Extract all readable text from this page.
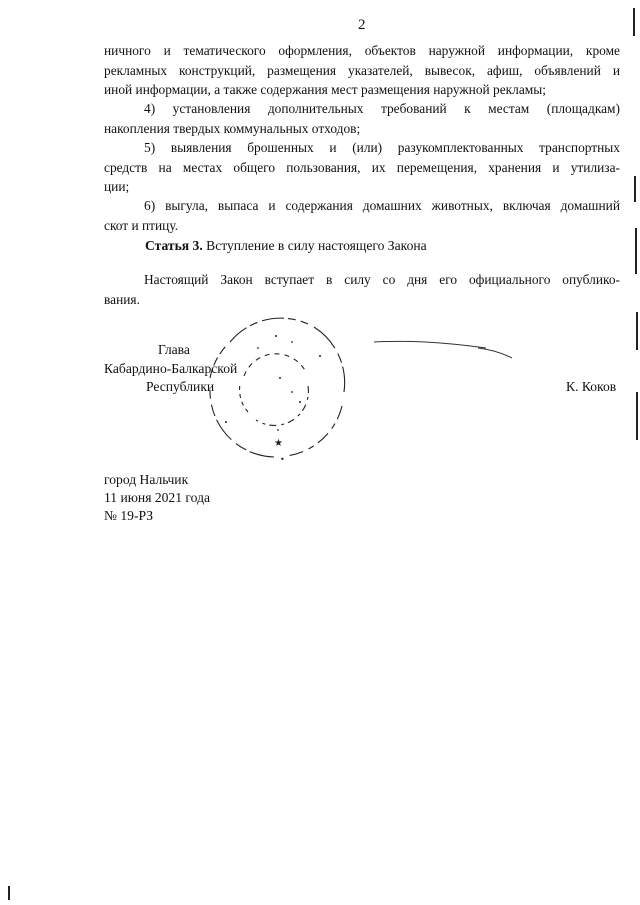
2
ничного и тематического оформления, объектов наружной информации, кроме
рекламных конструкций, размещения указателей, вывесок, афиш, объявлений и
иной информации, а также содержания мест размещения наружной рекламы;
4) установления дополнительных требований к местам (площадкам)
накопления твердых коммунальных отходов;
5) выявления брошенных и (или) разукомплектованных транспортных
средств на местах общего пользования, их перемещения, хранения и утилиза-
ции;
6) выгула, выпаса и содержания домашних животных, включая домашний
скот и птицу.
Статья 3. Вступление в силу настоящего Закона
Настоящий Закон вступает в силу со дня его официального опублико-
вания.
★
•
Глава
Кабардино-Балкарской
Республики	К. Коков
город Нальчик
11 июня 2021 года
№ 19-РЗ
